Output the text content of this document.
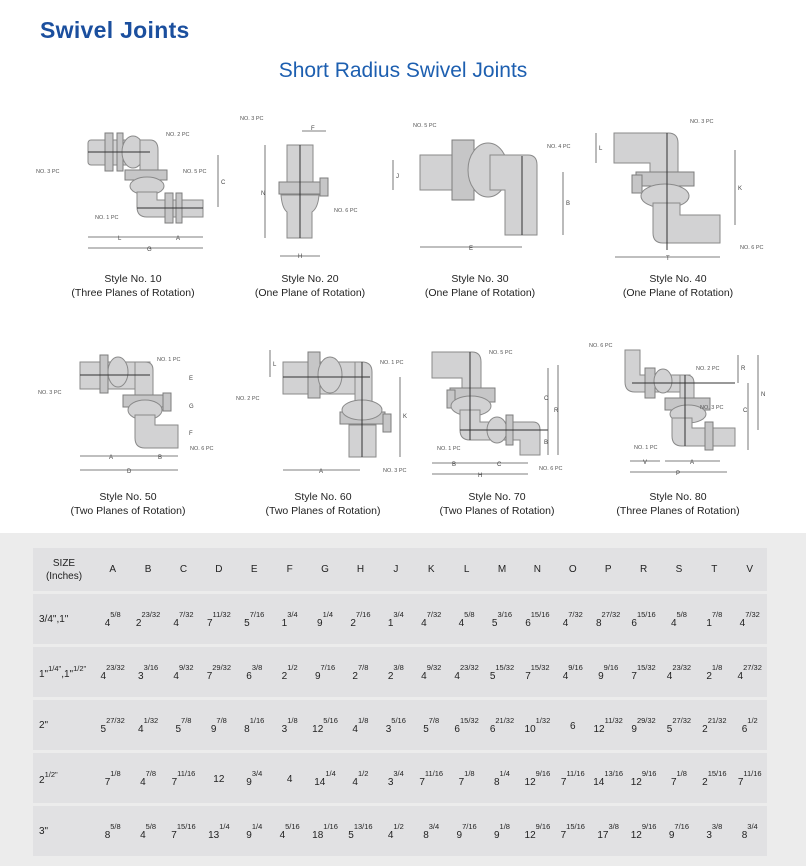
Swivel Joints
Short Radius Swivel Joints
NO. 2 PC
NO. 3 PC	NO. 5 PC
NO. 1 PC
L	A
G
C
NO. 3 PC
NO. 6 PC
F
N
H
NO. 5 PC
NO. 4 PC
E
B
J
NO. 3 PC
NO. 6 PC
L
K
T
NO. 3 PC
NO. 1 PC
NO. 6 PC
A	B
D
E
G
F
NO. 1 PC
NO. 2 PC
NO. 3 PC
A
K
L
NO. 5 PC
NO. 1 PC
NO. 6 PC
C
B
R
B	C
H
NO. 6 PC
NO. 2 PC
NO. 3 PC
NO. 1 PC
R
C
N
V	A
P
Style No. 10
(Three Planes of Rotation)
Style No. 20
(One Plane of Rotation)
Style No. 30
(One Plane of Rotation)
Style No. 40
(One Plane of Rotation)
Style No. 50
(Two Planes of Rotation)
Style No. 60
(Two Planes of Rotation)
Style No. 70
(Two Planes of Rotation)
Style No. 80
(Three Planes of Rotation)
SIZE
(Inches)	A	B	C	D	E	F	G	H	J	K	L	M	N	O	P	R	S	T	V
3/4",1"	$4^{5/8}$	$2^{23/32}$	$4^{7/32}$	$7^{11/32}$	$5^{7/16}$	$1^{3/4}$	$9^{1/4}$	$2^{7/16}$	$1^{3/4}$	$4^{7/32}$	$4^{5/8}$	$5^{3/16}$	$6^{15/16}$	$4^{7/32}$	$8^{27/32}$	$6^{15/16}$	$4^{5/8}$	$1^{7/8}$	$4^{7/32}$
1"$^{1/4"}$,1"$^{1/2"}$	$4^{23/32}$	$3^{3/16}$	$4^{9/32}$	$7^{29/32}$	$6^{3/8}$	$2^{1/2}$	$9^{7/16}$	$2^{7/8}$	$2^{3/8}$	$4^{9/32}$	$4^{23/32}$	$5^{15/32}$	$7^{15/32}$	$4^{9/16}$	$9^{9/16}$	$7^{15/32}$	$4^{23/32}$	$2^{1/8}$	$4^{27/32}$
2"	$5^{27/32}$	$4^{1/32}$	$5^{7/8}$	$9^{7/8}$	$8^{1/16}$	$3^{1/8}$	$12^{5/16}$	$4^{1/8}$	$3^{5/16}$	$5^{7/8}$	$6^{15/32}$	$6^{21/32}$	$10^{1/32}$	6	$12^{11/32}$	$9^{29/32}$	$5^{27/32}$	$2^{21/32}$	$6^{1/2}$
$2^{1/2"}$	$7^{1/8}$	$4^{7/8}$	$7^{11/16}$	12	$9^{3/4}$	4	$14^{1/4}$	$4^{1/2}$	$3^{3/4}$	$7^{11/16}$	$7^{1/8}$	$8^{1/4}$	$12^{9/16}$	$7^{11/16}$	$14^{13/16}$	$12^{9/16}$	$7^{1/8}$	$2^{15/16}$	$7^{11/16}$
3"	$8^{5/8}$	$4^{5/8}$	$7^{15/16}$	$13^{1/4}$	$9^{1/4}$	$4^{5/16}$	$18^{1/16}$	$5^{13/16}$	$4^{1/2}$	$8^{3/4}$	$9^{7/16}$	$9^{1/8}$	$12^{9/16}$	$7^{15/16}$	$17^{3/8}$	$12^{9/16}$	$9^{7/16}$	$3^{3/8}$	$8^{3/4}$
